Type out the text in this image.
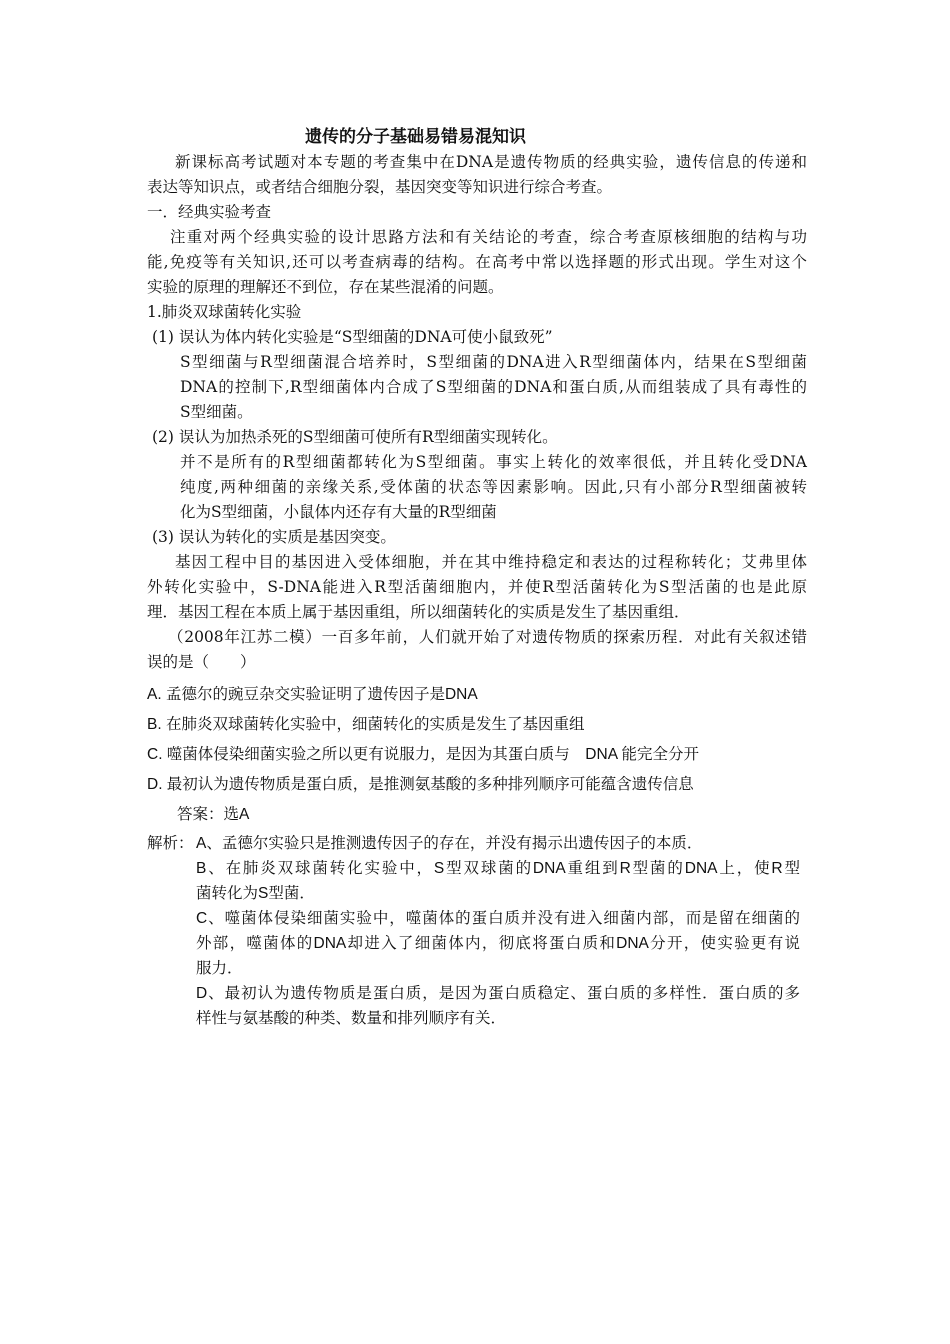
遗传的分子基础易错易混知识
新课标高考试题对本专题的考查集中在DNA是遗传物质的经典实验，遗传信息的传递和
表达等知识点，或者结合细胞分裂，基因突变等知识进行综合考查。
一．经典实验考查
注重对两个经典实验的设计思路方法和有关结论的考查，综合考查原核细胞的结构与功
能,免疫等有关知识,还可以考查病毒的结构。在高考中常以选择题的形式出现。学生对这个
实验的原理的理解还不到位，存在某些混淆的问题。
1.肺炎双球菌转化实验
(1) 误认为体内转化实验是“S型细菌的DNA可使小鼠致死”
S型细菌与R型细菌混合培养时，S型细菌的DNA进入R型细菌体内，结果在S型细菌
DNA的控制下,R型细菌体内合成了S型细菌的DNA和蛋白质,从而组装成了具有毒性的
S型细菌。
(2) 误认为加热杀死的S型细菌可使所有R型细菌实现转化。
并不是所有的R型细菌都转化为S型细菌。事实上转化的效率很低，并且转化受DNA
纯度,两种细菌的亲缘关系,受体菌的状态等因素影响。因此,只有小部分R型细菌被转
化为S型细菌，小鼠体内还存有大量的R型细菌
(3) 误认为转化的实质是基因突变。
基因工程中目的基因进入受体细胞，并在其中维持稳定和表达的过程称转化；艾弗里体
外转化实验中，S-DNA能进入R型活菌细胞内，并使R型活菌转化为S型活菌的也是此原
理．基因工程在本质上属于基因重组，所以细菌转化的实质是发生了基因重组．
（2008年江苏二模）一百多年前，人们就开始了对遗传物质的探索历程．对此有关叙述错
误的是（　　）
A. 孟德尔的豌豆杂交实验证明了遗传因子是DNA
B. 在肺炎双球菌转化实验中，细菌转化的实质是发生了基因重组
C. 噬菌体侵染细菌实验之所以更有说服力，是因为其蛋白质与　DNA 能完全分开
D. 最初认为遗传物质是蛋白质，是推测氨基酸的多种排列顺序可能蕴含遗传信息
答案：选A
解析： A、孟德尔实验只是推测遗传因子的存在，并没有揭示出遗传因子的本质．
B、在肺炎双球菌转化实验中，S型双球菌的DNA重组到R型菌的DNA上，使R型
菌转化为S型菌．
C、噬菌体侵染细菌实验中，噬菌体的蛋白质并没有进入细菌内部，而是留在细菌的
外部，噬菌体的DNA却进入了细菌体内，彻底将蛋白质和DNA分开，使实验更有说
服力．
D、最初认为遗传物质是蛋白质，是因为蛋白质稳定、蛋白质的多样性．蛋白质的多
样性与氨基酸的种类、数量和排列顺序有关．
